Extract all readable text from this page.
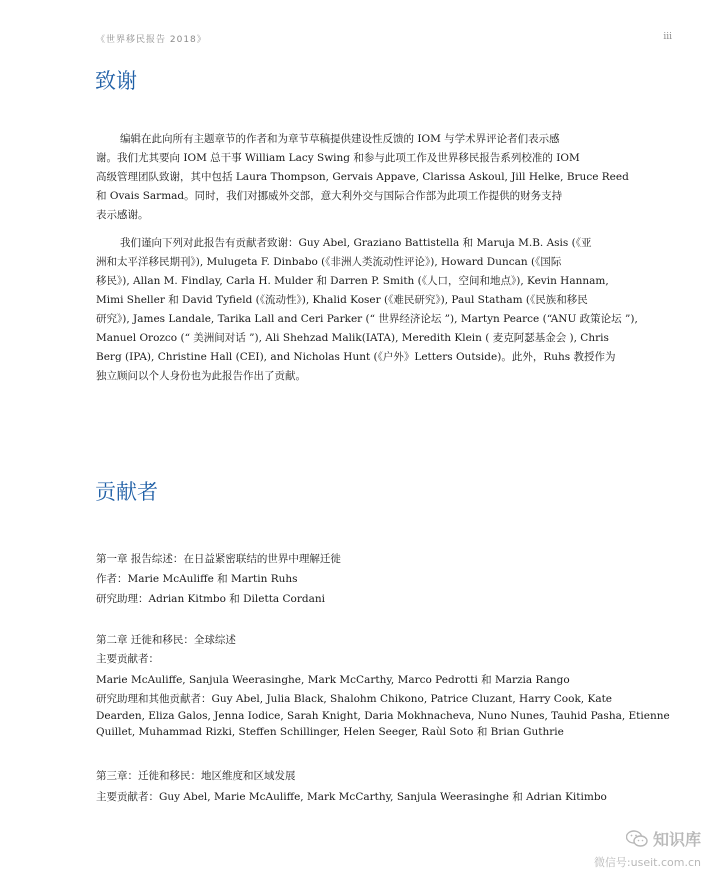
《世界移民报告 2018》	iii
致谢
编辑在此向所有主题章节的作者和为章节草稿提供建设性反馈的 IOM 与学术界评论者们表示感
谢。我们尤其要向 IOM 总干事 William Lacy Swing 和参与此项工作及世界移民报告系列校准的 IOM
高级管理团队致谢，其中包括 Laura Thompson, Gervais Appave, Clarissa Askoul, Jill Helke, Bruce Reed
和 Ovais Sarmad。同时，我们对挪威外交部，意大利外交与国际合作部为此项工作提供的财务支持
表示感谢。
我们谨向下列对此报告有贡献者致谢：Guy Abel, Graziano Battistella 和 Maruja M.B. Asis (《亚
洲和太平洋移民期刊》), Mulugeta F. Dinbabo (《非洲人类流动性评论》), Howard Duncan (《国际
移民》), Allan M. Findlay, Carla H. Mulder 和 Darren P. Smith (《人口，空间和地点》), Kevin Hannam,
Mimi Sheller 和 David Tyfield (《流动性》), Khalid Koser (《难民研究》), Paul Statham (《民族和移民
研究》), James Landale, Tarika Lall and Ceri Parker (“ 世界经济论坛 ”), Martyn Pearce (“ANU 政策论坛 ”),
Manuel Orozco (“ 美洲间对话 ”), Ali Shehzad Malik(IATA), Meredith Klein ( 麦克阿瑟基金会 ), Chris
Berg (IPA), Christine Hall (CEI), and Nicholas Hunt (《户外》Letters Outside)。此外，Ruhs 教授作为
独立顾问以个人身份也为此报告作出了贡献。
贡献者
第一章 报告综述：在日益紧密联结的世界中理解迁徙
作者：Marie McAuliffe 和 Martin Ruhs
研究助理：Adrian Kitmbo 和 Diletta Cordani
第二章 迁徙和移民：全球综述
主要贡献者：
Marie McAuliffe, Sanjula Weerasinghe, Mark McCarthy, Marco Pedrotti 和 Marzia Rango
研究助理和其他贡献者：Guy Abel, Julia Black, Shalohm Chikono, Patrice Cluzant, Harry Cook, Kate
Dearden, Eliza Galos, Jenna Iodice, Sarah Knight, Daria Mokhnacheva, Nuno Nunes, Tauhid Pasha, Etienne
Quillet, Muhammad Rizki, Steffen Schillinger, Helen Seeger, Raùl Soto 和 Brian Guthrie
第三章：迁徙和移民：地区维度和区域发展
主要贡献者：Guy Abel, Marie McAuliffe, Mark McCarthy, Sanjula Weerasinghe 和 Adrian Kitimbo
知识库
微信号:useit.com.cn
